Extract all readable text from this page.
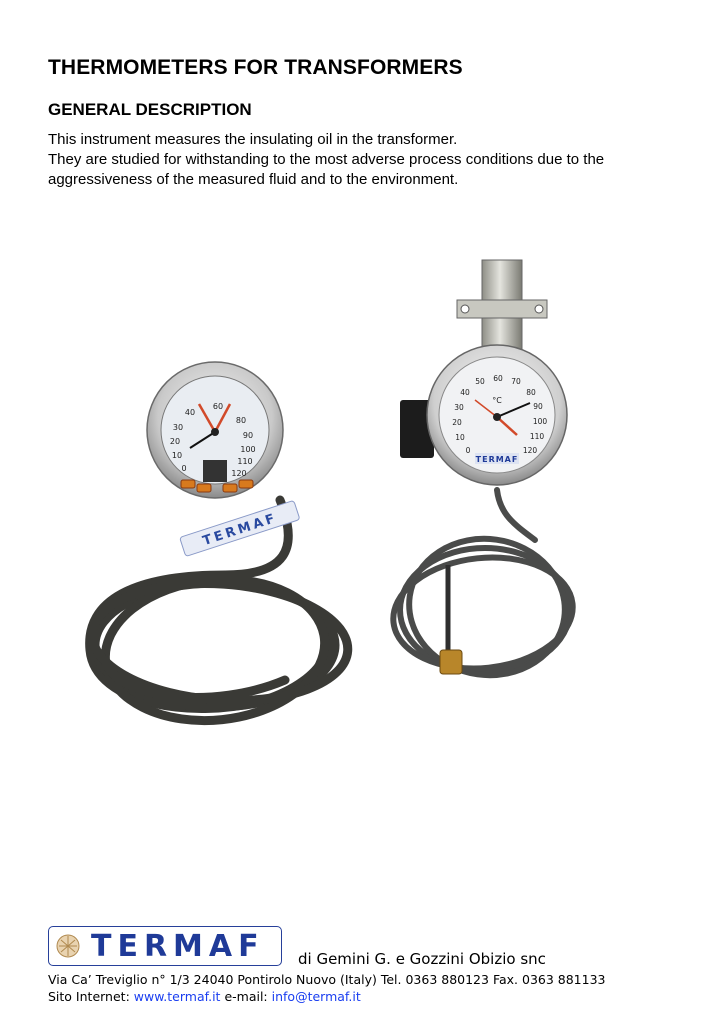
THERMOMETERS FOR TRANSFORMERS
GENERAL DESCRIPTION

This instrument measures the insulating oil in the transformer.

They are studied for withstanding to the most adverse process conditions due to the

aggressiveness of the measured fluid and to the environment.

0
10
20
30
40
60
80
90
100
110
120
TERMAF
0
10
20
30
40
50 60 70
80
90
100
110
120
°C
TERMAF
TERMAF di Gemini G. e Gozzini Obizio snc
Via Ca’ Treviglio n° 1/3 24040 Pontirolo Nuovo (Italy) Tel. 0363 880123 Fax. 0363 881133
Sito Internet: www.termaf.it e-mail: info@termaf.it
